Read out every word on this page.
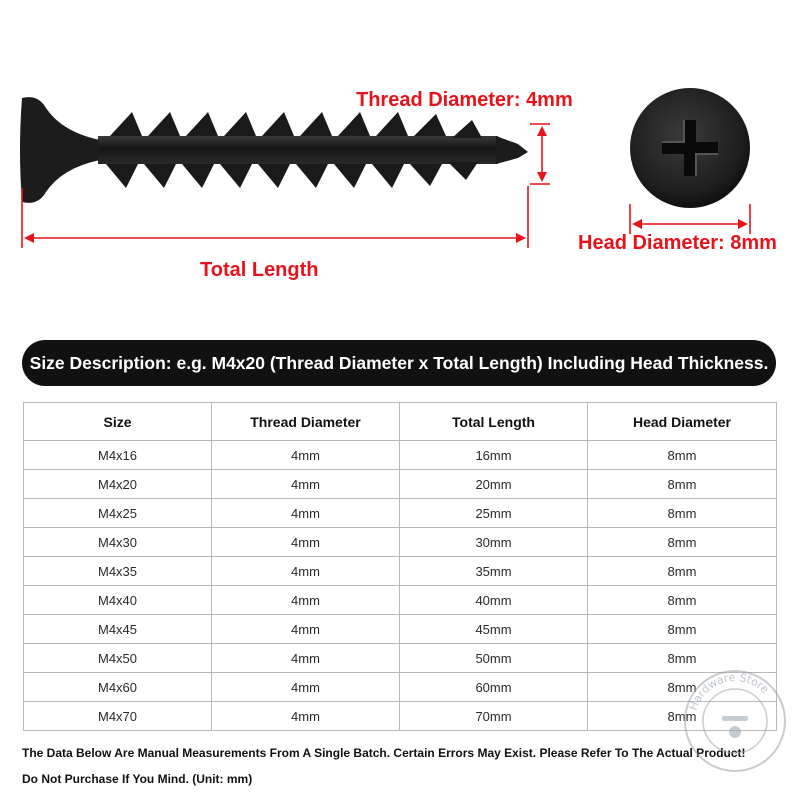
Thread Diameter: 4mm
Total Length
Head Diameter: 8mm
Size Description: e.g. M4x20 (Thread Diameter x Total Length) Including Head Thickness.
Size	Thread Diameter	Total Length	Head Diameter
M4x16	4mm	16mm	8mm
M4x20	4mm	20mm	8mm
M4x25	4mm	25mm	8mm
M4x30	4mm	30mm	8mm
M4x35	4mm	35mm	8mm
M4x40	4mm	40mm	8mm
M4x45	4mm	45mm	8mm
M4x50	4mm	50mm	8mm
M4x60	4mm	60mm	8mm
M4x70	4mm	70mm	8mm
The Data Below Are Manual Measurements From A Single Batch. Certain Errors May Exist. Please Refer To The Actual Product!
Do Not Purchase If You Mind. (Unit: mm)
Hardware Store
